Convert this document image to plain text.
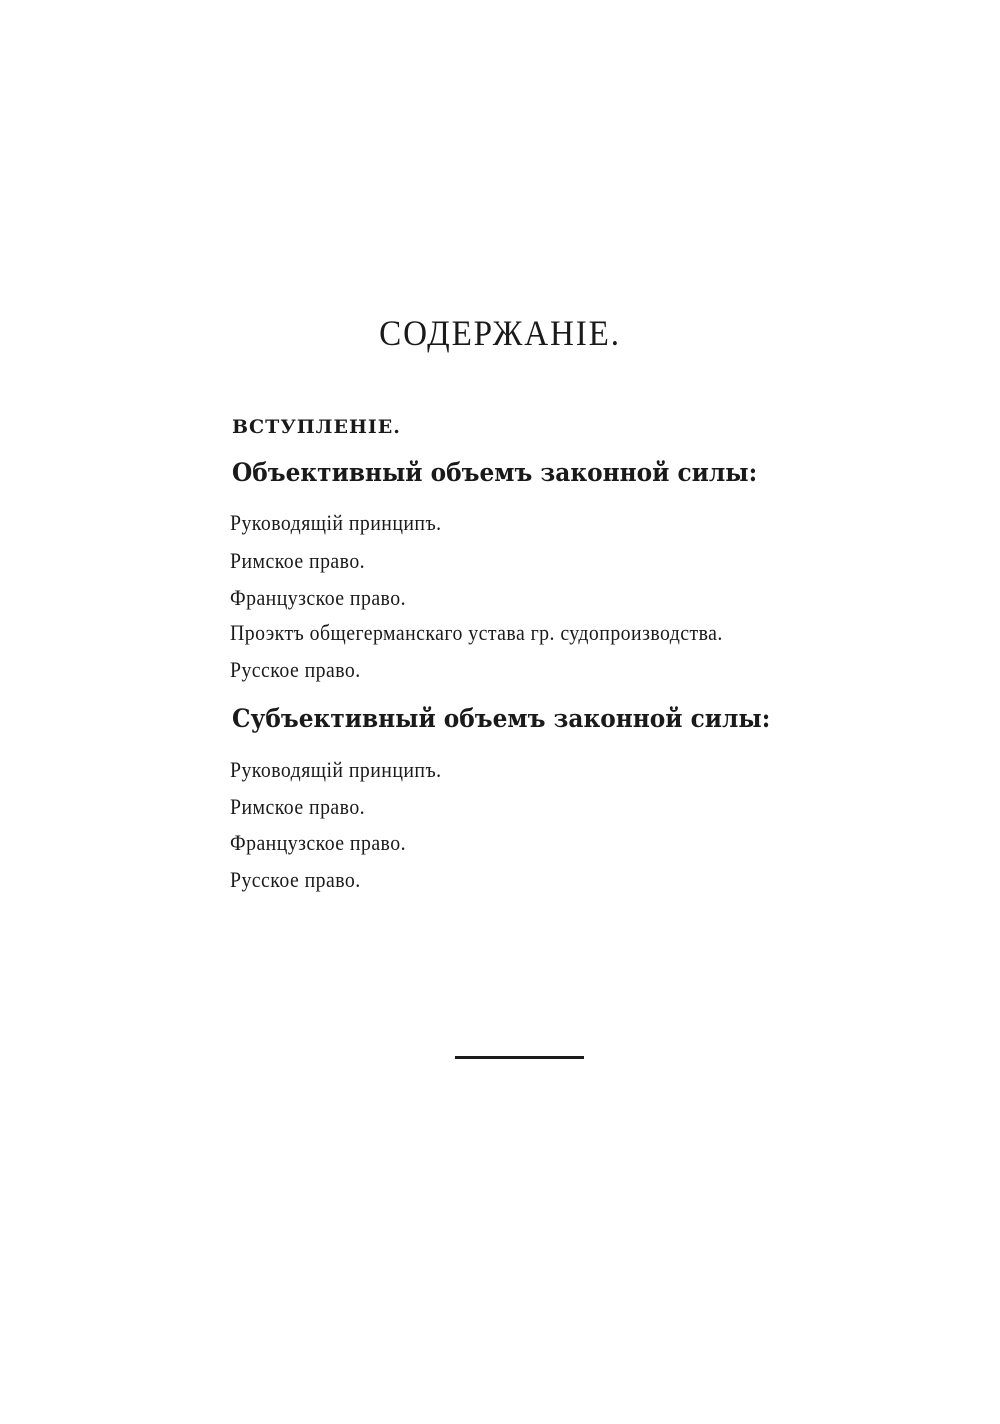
СОДЕРЖАНІЕ.
ВСТУПЛЕНІЕ.
Объективный объемъ законной силы:
Руководящій принципъ.
Римское право.
Французское право.
Проэктъ общегерманскаго устава гр. судопроизводства.
Русское право.
Субъективный объемъ законной силы:
Руководящій принципъ.
Римское право.
Французское право.
Русское право.
